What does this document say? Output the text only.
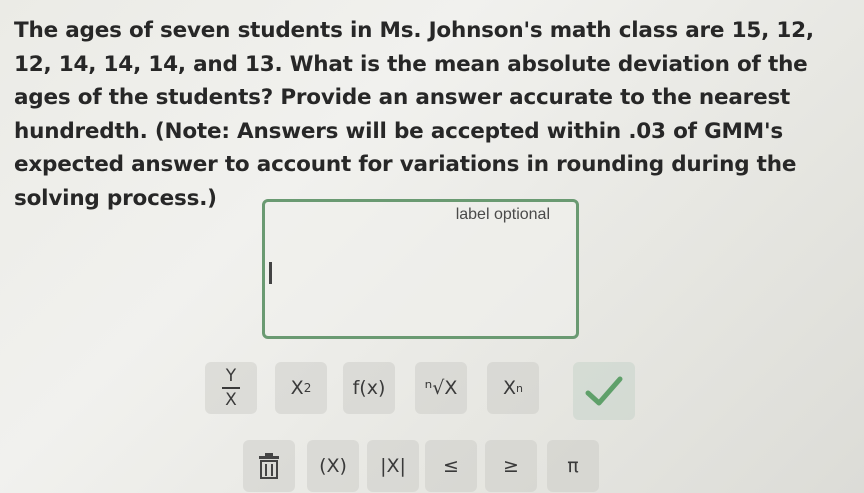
The ages of seven students in Ms. Johnson's math class are 15, 12, 12, 14, 14, 14, and 13. What is the mean absolute deviation of the ages of the students? Provide an answer accurate to the nearest hundredth. (Note: Answers will be accepted within .03 of GMM's expected answer to account for variations in rounding during the solving process.)
label optional
$\frac{Y}{X}$	X 2 f(x) ⁿ√X X n
(X) |X| ≤ ≥	π
